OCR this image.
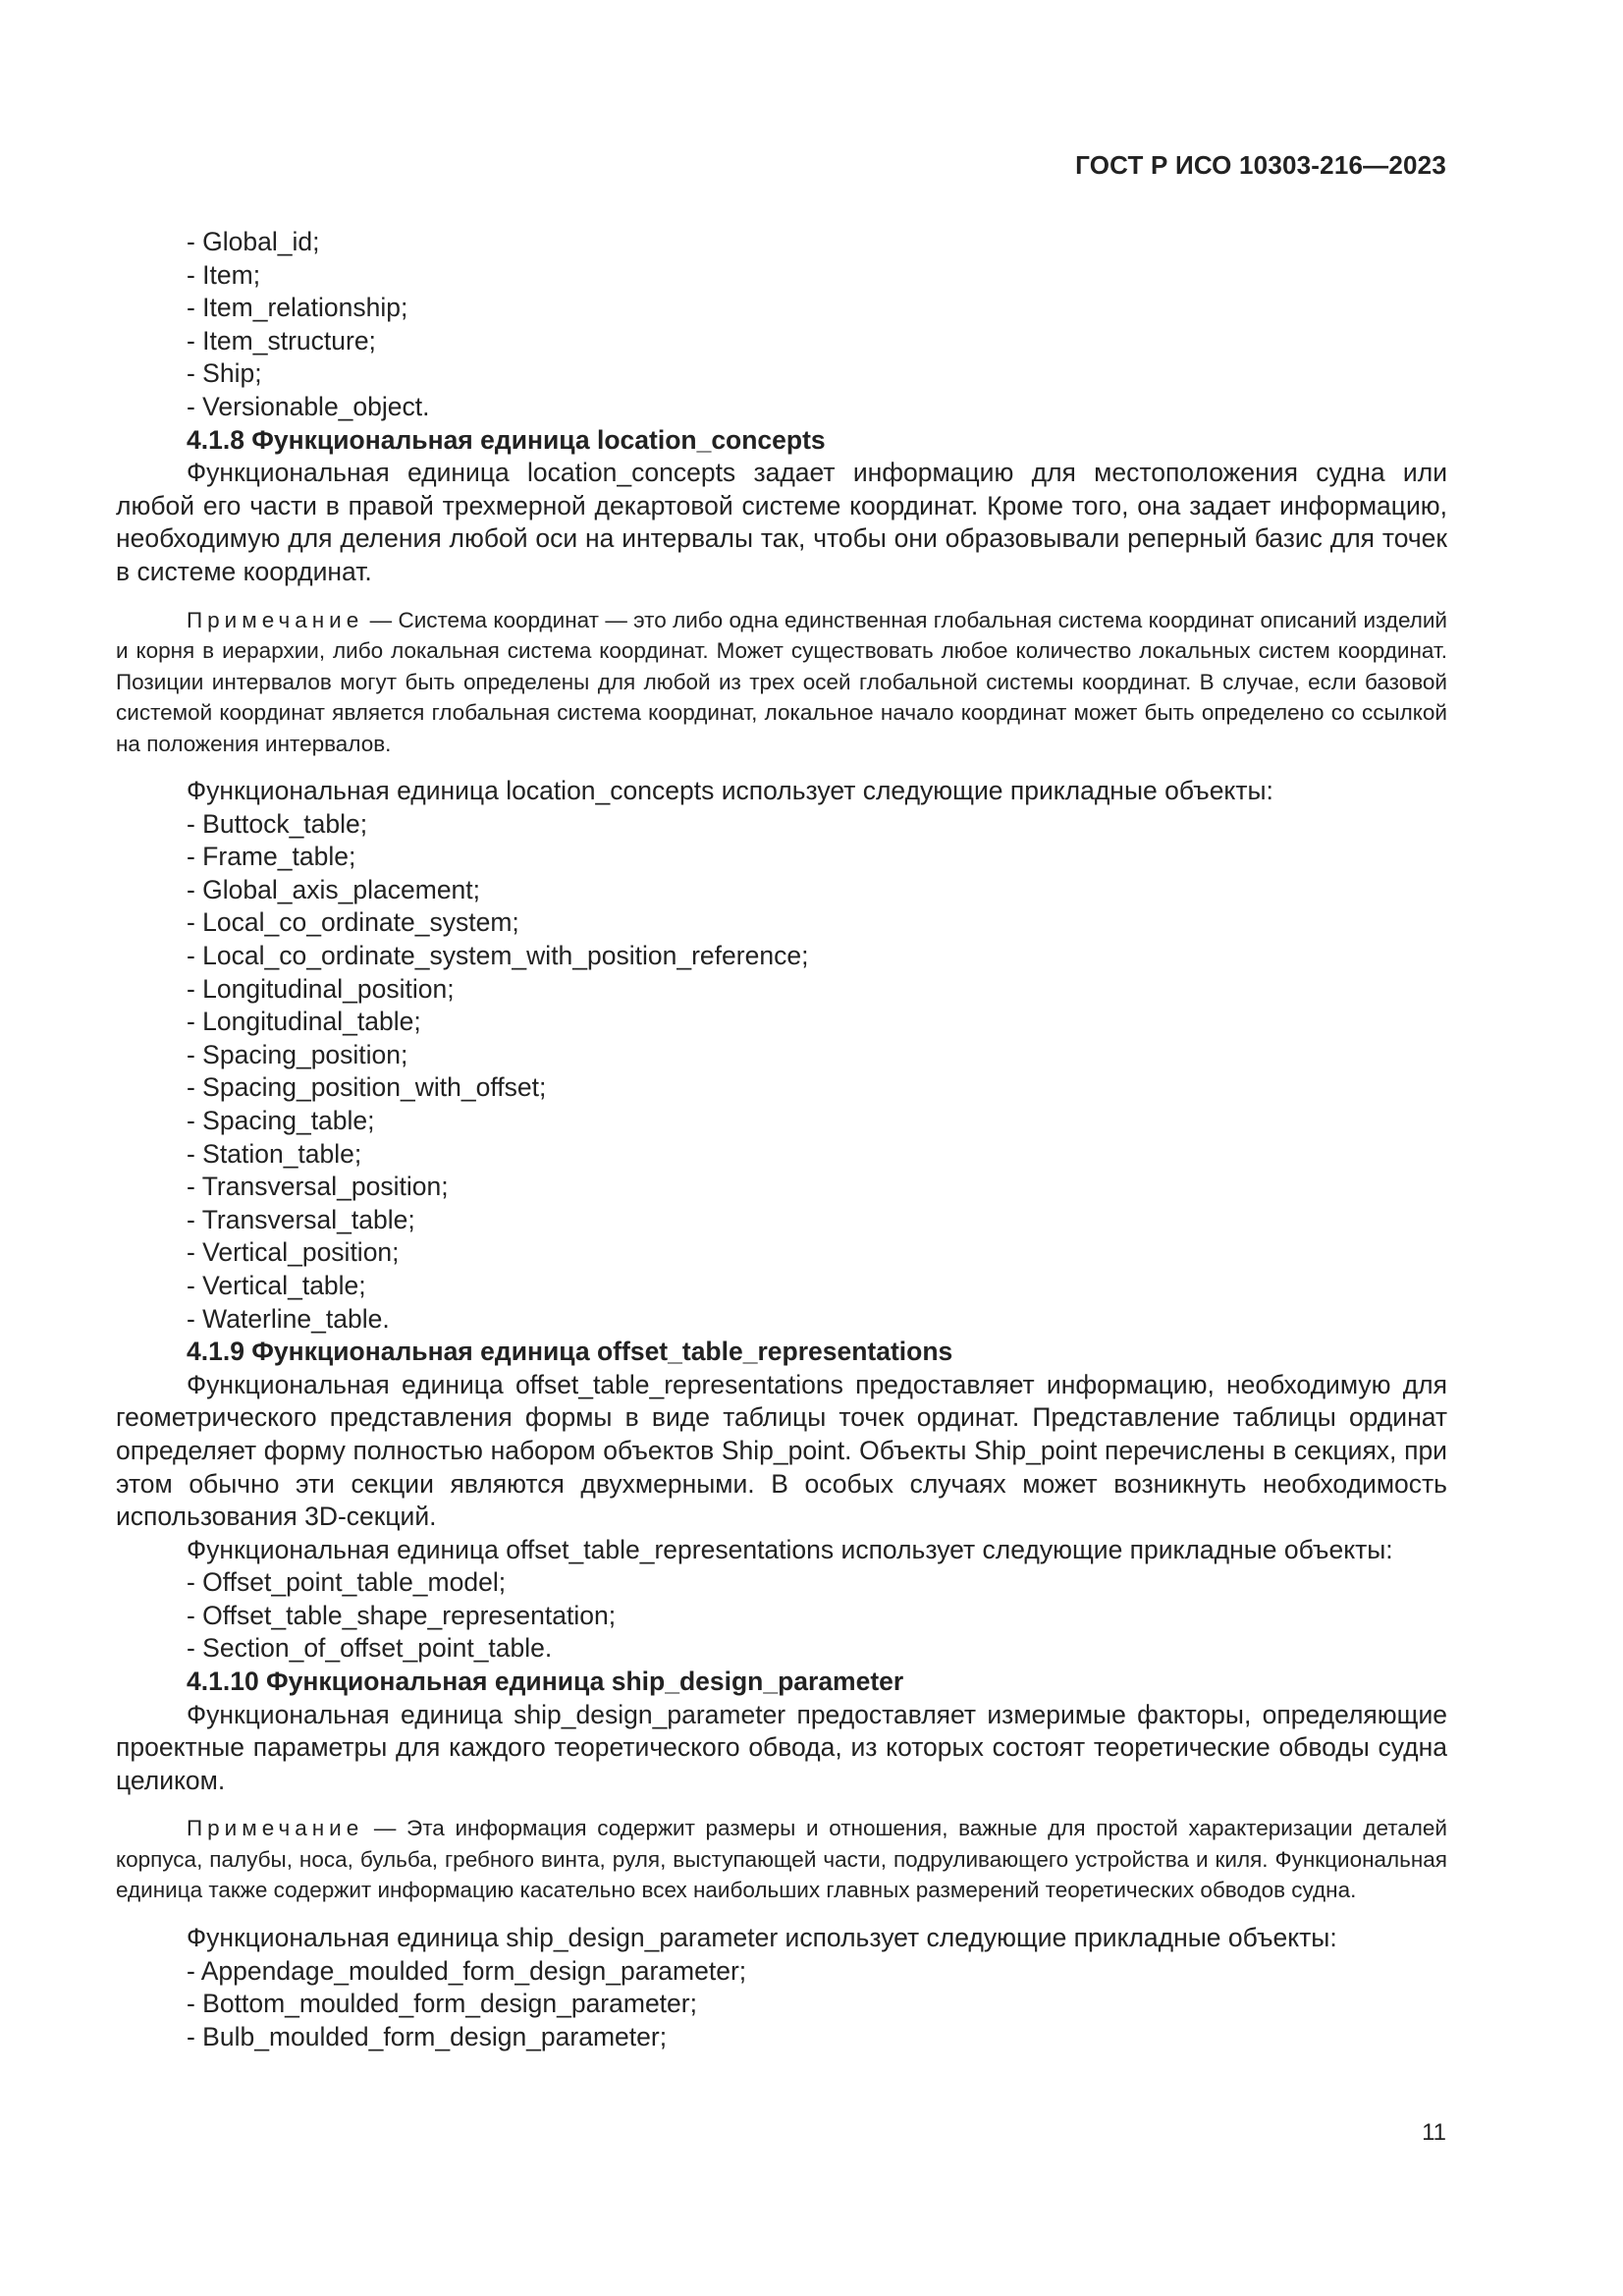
ГОСТ Р ИСО 10303-216—2023

- Global_id;

- Item;

- Item_relationship;

- Item_structure;

- Ship;

- Versionable_object.

4.1.8 Функциональная единица location_concepts

Функциональная единица location_concepts задает информацию для местоположения судна или любой его части в правой трехмерной декартовой системе координат. Кроме того, она задает информацию, необходимую для деления любой оси на интервалы так, чтобы они образовывали реперный базис для точек в системе координат.

Примечание — Система координат — это либо одна единственная глобальная система координат описаний изделий и корня в иерархии, либо локальная система координат. Может существовать любое количество локальных систем координат. Позиции интервалов могут быть определены для любой из трех осей глобальной системы координат. В случае, если базовой системой координат является глобальная система координат, локальное начало координат может быть определено со ссылкой на положения интервалов.

Функциональная единица location_concepts использует следующие прикладные объекты:

- Buttock_table;

- Frame_table;

- Global_axis_placement;

- Local_co_ordinate_system;

- Local_co_ordinate_system_with_position_reference;

- Longitudinal_position;

- Longitudinal_table;

- Spacing_position;

- Spacing_position_with_offset;

- Spacing_table;

- Station_table;

- Transversal_position;

- Transversal_table;

- Vertical_position;

- Vertical_table;

- Waterline_table.

4.1.9 Функциональная единица offset_table_representations

Функциональная единица offset_table_representations предоставляет информацию, необходимую для геометрического представления формы в виде таблицы точек ординат. Представление таблицы ординат определяет форму полностью набором объектов Ship_point. Объекты Ship_point перечислены в секциях, при этом обычно эти секции являются двухмерными. В особых случаях может возникнуть необходимость использования 3D-секций.

Функциональная единица offset_table_representations использует следующие прикладные объекты:

- Offset_point_table_model;

- Offset_table_shape_representation;

- Section_of_offset_point_table.

4.1.10 Функциональная единица ship_design_parameter

Функциональная единица ship_design_parameter предоставляет измеримые факторы, определяющие проектные параметры для каждого теоретического обвода, из которых состоят теоретические обводы судна целиком.

Примечание — Эта информация содержит размеры и отношения, важные для простой характеризации деталей корпуса, палубы, носа, бульба, гребного винта, руля, выступающей части, подруливающего устройства и киля. Функциональная единица также содержит информацию касательно всех наибольших главных размерений теоретических обводов судна.

Функциональная единица ship_design_parameter использует следующие прикладные объекты:

- Appendage_moulded_form_design_parameter;

- Bottom_moulded_form_design_parameter;

- Bulb_moulded_form_design_parameter;

11
